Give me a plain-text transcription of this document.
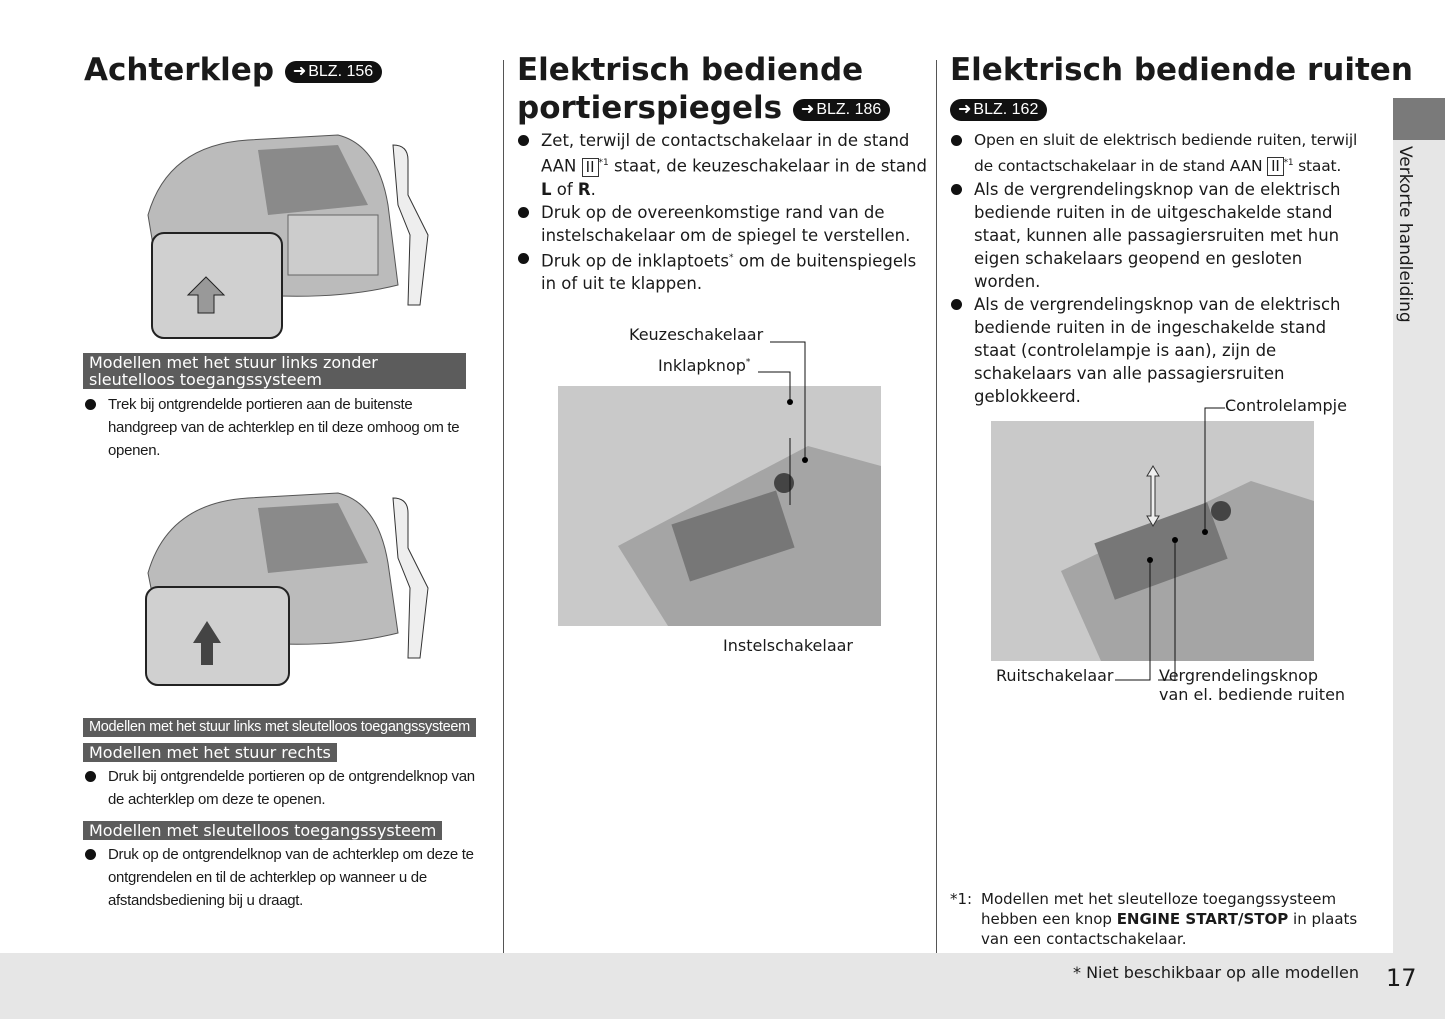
Verkorte handleiding
Achterklep ➜ BLZ. 156
Modellen met het stuur links zonder sleutelloos toegangssysteem
Trek bij ontgrendelde portieren aan de buitenste handgreep van de achterklep en til deze omhoog om te openen.
Modellen met het stuur links met sleutelloos toegangssysteem
Modellen met het stuur rechts
Druk bij ontgrendelde portieren op de ontgrendelknop van de achterklep om deze te openen.
Modellen met sleutelloos toegangssysteem
Druk op de ontgrendelknop van de achterklep om deze te ontgrendelen en til de achterklep op wanneer u de afstandsbediening bij u draagt.
Elektrisch bediende
portierspiegels ➜ BLZ. 186
Zet, terwijl de contactschakelaar in de stand AAN II $^{*1}$ staat, de keuzeschakelaar in de stand L of R.
Druk op de overeenkomstige rand van de instelschakelaar om de spiegel te verstellen.
Druk op de inklaptoets* om de buitenspiegels in of uit te klappen.
Keuzeschakelaar
Inklapknop*
Instelschakelaar
Elektrisch bediende ruiten
➜ BLZ. 162
Open en sluit de elektrisch bediende ruiten, terwijl de contactschakelaar in de stand AAN II $^{*1}$ staat.
Als de vergrendelingsknop van de elektrisch bediende ruiten in de uitgeschakelde stand staat, kunnen alle passagiersruiten met hun eigen schakelaars geopend en gesloten worden.
Als de vergrendelingsknop van de elektrisch bediende ruiten in de ingeschakelde stand staat (controlelampje is aan), zijn de schakelaars van alle passagiersruiten geblokkeerd.	Controlelampje
Ruitschakelaar	Vergrendelingsknop
van el. bediende ruiten
*1: Modellen met het sleutelloze toegangssysteem hebben een knop ENGINE START/STOP in plaats van een contactschakelaar.
* Niet beschikbaar op alle modellen 17
